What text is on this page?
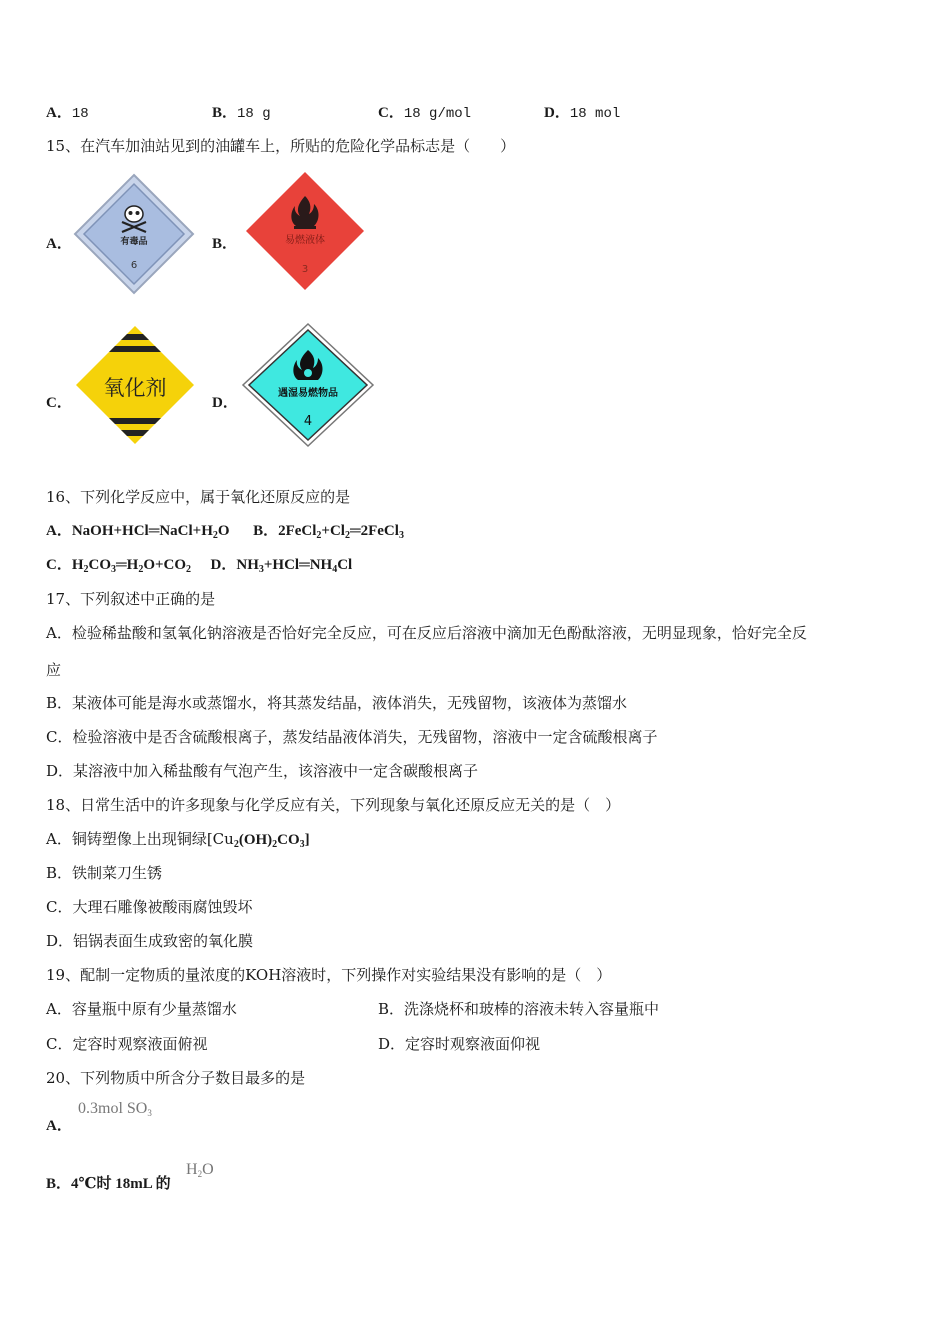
A．18	B．18 g	C．18 g/mol	D．18 mol
15、在汽车加油站见到的油罐车上，所贴的危险化学品标志是（　　）
A．	有毒品
6
B．	易燃液体
3
C．
氧化剂
D．
遇湿易燃物品
4
16、下列化学反应中，属于氧化还原反应的是
A．$NaOH+HCl═NaCl+H_2O$ B．$2FeCl_2+Cl_2═2FeCl_3$
C．$H_2CO_3═H_2O+CO_2$ D．$NH_3+HCl═NH_4Cl$
17、下列叙述中正确的是
A．检验稀盐酸和氢氧化钠溶液是否恰好完全反应，可在反应后溶液中滴加无色酚酞溶液，无明显现象，恰好完全反
应
B．某液体可能是海水或蒸馏水，将其蒸发结晶，液体消失，无残留物，该液体为蒸馏水
C．检验溶液中是否含硫酸根离子，蒸发结晶液体消失，无残留物，溶液中一定含硫酸根离子
D．某溶液中加入稀盐酸有气泡产生，该溶液中一定含碳酸根离子
18、日常生活中的许多现象与化学反应有关，下列现象与氧化还原反应无关的是（　）
A．铜铸塑像上出现铜绿$[Cu_2(OH)_2CO_3]$
B．铁制菜刀生锈
C．大理石雕像被酸雨腐蚀毁坏
D．铝锅表面生成致密的氧化膜
19、配制一定物质的量浓度的KOH溶液时，下列操作对实验结果没有影响的是（　）
A．容量瓶中原有少量蒸馏水	B．洗涤烧杯和玻棒的溶液未转入容量瓶中
C．定容时观察液面俯视	D．定容时观察液面仰视
20、下列物质中所含分子数目最多的是
A．
0.3mol $SO_3$
B．4℃时 18mL 的
$H_2O$
